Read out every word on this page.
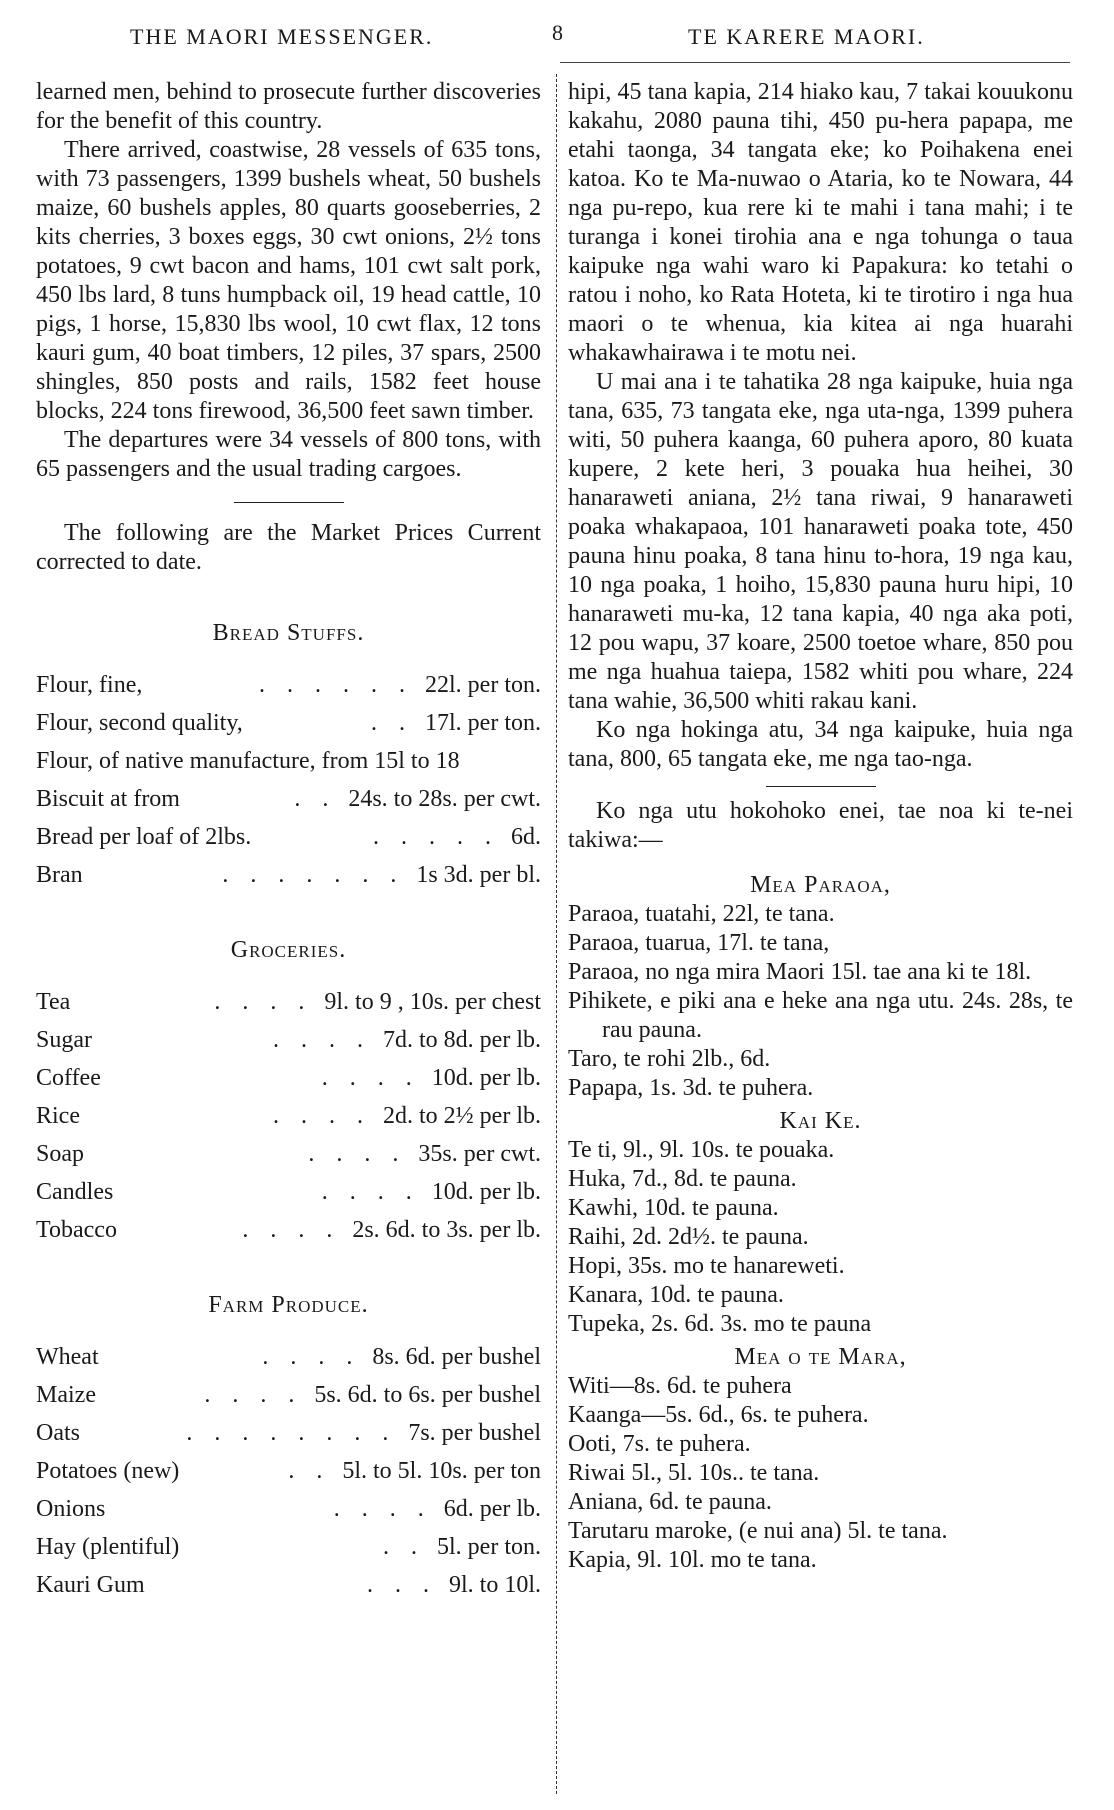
THE MAORI MESSENGER.	8	TE KARERE MAORI.

learned men, behind to prosecute further discoveries for the benefit of this country.

There arrived, coastwise, 28 vessels of 635 tons, with 73 passengers, 1399 bushels wheat, 50 bushels maize, 60 bushels apples, 80 quarts gooseberries, 2 kits cherries, 3 boxes eggs, 30 cwt onions, 2½ tons potatoes, 9 cwt bacon and hams, 101 cwt salt pork, 450 lbs lard, 8 tuns humpback oil, 19 head cattle, 10 pigs, 1 horse, 15,830 lbs wool, 10 cwt flax, 12 tons kauri gum, 40 boat timbers, 12 piles, 37 spars, 2500 shingles, 850 posts and rails, 1582 feet house blocks, 224 tons firewood, 36,500 feet sawn timber.

The departures were 34 vessels of 800 tons, with 65 passengers and the usual trading cargoes.

The following are the Market Prices Current corrected to date.

Bread Stuffs.
Flour, fine,	. . . . . . 22l. per ton.
Flour, second quality,	. . 17l. per ton.
Flour, of native manufacture, from 15l to 18
Biscuit at from	. . 24s. to 28s. per cwt.
Bread per loaf of 2lbs.	. . . . . 6d.
Bran	. . . . . . . 1s 3d. per bl.
Groceries.
Tea	. . . . 9l. to 9 , 10s. per chest
Sugar	. . . . 7d. to 8d. per lb.
Coffee	. . . . 10d. per lb.
Rice	. . . . 2d. to 2½ per lb.
Soap	. . . . 35s. per cwt.
Candles	. . . . 10d. per lb.
Tobacco	. . . . 2s. 6d. to 3s. per lb.
Farm Produce.
Wheat	. . . . 8s. 6d. per bushel
Maize	. . . . 5s. 6d. to 6s. per bushel
Oats	. . . . . . . . 7s. per bushel
Potatoes (new)	. . 5l. to 5l. 10s. per ton
Onions	. . . . 6d. per lb.
Hay (plentiful)	. . 5l. per ton.
Kauri Gum	. . . 9l. to 10l.

hipi, 45 tana kapia, 214 hiako kau, 7 takai kouukonu kakahu, 2080 pauna tihi, 450 pu-hera papapa, me etahi taonga, 34 tangata eke; ko Poihakena enei katoa. Ko te Ma-nuwao o Ataria, ko te Nowara, 44 nga pu-repo, kua rere ki te mahi i tana mahi; i te turanga i konei tirohia ana e nga tohunga o taua kaipuke nga wahi waro ki Papakura: ko tetahi o ratou i noho, ko Rata Hoteta, ki te tirotiro i nga hua maori o te whenua, kia kitea ai nga huarahi whakawhairawa i te motu nei.

U mai ana i te tahatika 28 nga kaipuke, huia nga tana, 635, 73 tangata eke, nga uta-nga, 1399 puhera witi, 50 puhera kaanga, 60 puhera aporo, 80 kuata kupere, 2 kete heri, 3 pouaka hua heihei, 30 hanaraweti aniana, 2½ tana riwai, 9 hanaraweti poaka whakapaoa, 101 hanaraweti poaka tote, 450 pauna hinu poaka, 8 tana hinu to-hora, 19 nga kau, 10 nga poaka, 1 hoiho, 15,830 pauna huru hipi, 10 hanaraweti mu-ka, 12 tana kapia, 40 nga aka poti, 12 pou wapu, 37 koare, 2500 toetoe whare, 850 pou me nga huahua taiepa, 1582 whiti pou whare, 224 tana wahie, 36,500 whiti rakau kani.

Ko nga hokinga atu, 34 nga kaipuke, huia nga tana, 800, 65 tangata eke, me nga tao-nga.

Ko nga utu hokohoko enei, tae noa ki te-nei takiwa:—

Mea Paraoa,

Paraoa, tuatahi, 22l, te tana.

Paraoa, tuarua, 17l. te tana,

Paraoa, no nga mira Maori 15l. tae ana ki te 18l.

Pihikete, e piki ana e heke ana nga utu. 24s. 28s, te rau pauna.

Taro, te rohi 2lb., 6d.

Papapa, 1s. 3d. te puhera.

Kai Ke.

Te ti, 9l., 9l. 10s. te pouaka.

Huka, 7d., 8d. te pauna.

Kawhi, 10d. te pauna.

Raihi, 2d. 2d½. te pauna.

Hopi, 35s. mo te hanareweti.

Kanara, 10d. te pauna.

Tupeka, 2s. 6d. 3s. mo te pauna

Mea o te Mara,

Witi—8s. 6d. te puhera

Kaanga—5s. 6d., 6s. te puhera.

Ooti, 7s. te puhera.

Riwai 5l., 5l. 10s.. te tana.

Aniana, 6d. te pauna.

Tarutaru maroke, (e nui ana) 5l. te tana.

Kapia, 9l. 10l. mo te tana.
